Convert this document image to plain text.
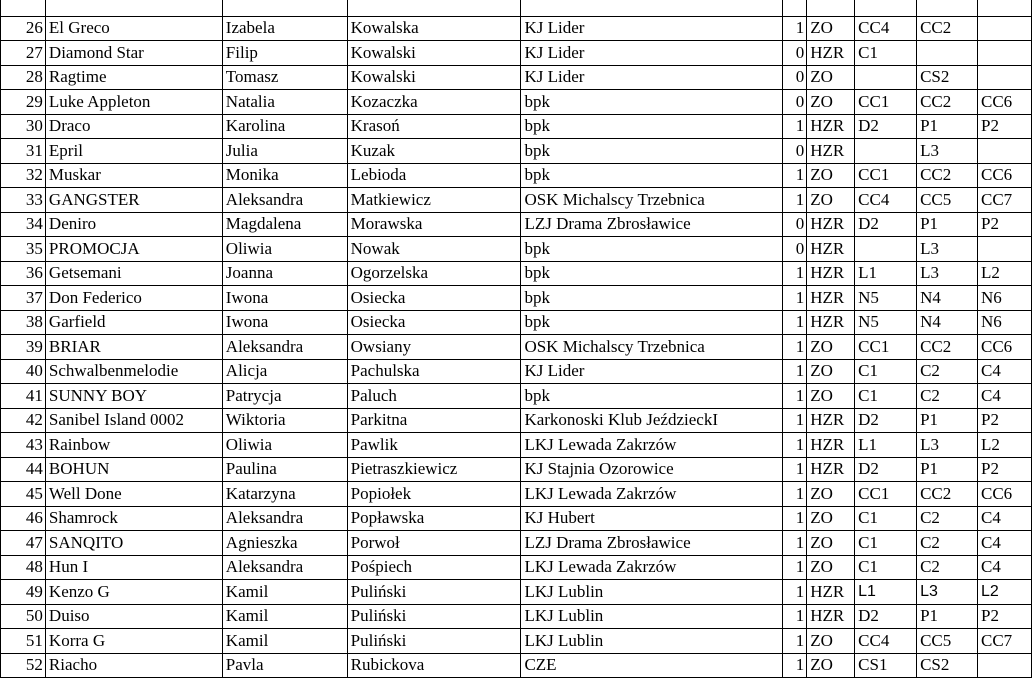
26	El Greco	Izabela	Kowalska	KJ Lider	1	ZO	CC4	CC2	
27	Diamond Star	Filip	Kowalski	KJ Lider	0	HZR	C1		
28	Ragtime	Tomasz	Kowalski	KJ Lider	0	ZO		CS2	
29	Luke Appleton	Natalia	Kozaczka	bpk	0	ZO	CC1	CC2	CC6
30	Draco	Karolina	Krasoń	bpk	1	HZR	D2	P1	P2
31	Epril	Julia	Kuzak	bpk	0	HZR		L3	
32	Muskar	Monika	Lebioda	bpk	1	ZO	CC1	CC2	CC6
33	GANGSTER	Aleksandra	Matkiewicz	OSK Michalscy Trzebnica	1	ZO	CC4	CC5	CC7
34	Deniro	Magdalena	Morawska	LZJ Drama Zbrosławice	0	HZR	D2	P1	P2
35	PROMOCJA	Oliwia	Nowak	bpk	0	HZR		L3	
36	Getsemani	Joanna	Ogorzelska	bpk	1	HZR	L1	L3	L2
37	Don Federico	Iwona	Osiecka	bpk	1	HZR	N5	N4	N6
38	Garfield	Iwona	Osiecka	bpk	1	HZR	N5	N4	N6
39	BRIAR	Aleksandra	Owsiany	OSK Michalscy Trzebnica	1	ZO	CC1	CC2	CC6
40	Schwalbenmelodie	Alicja	Pachulska	KJ Lider	1	ZO	C1	C2	C4
41	SUNNY BOY	Patrycja	Paluch	bpk	1	ZO	C1	C2	C4
42	Sanibel Island 0002	Wiktoria	Parkitna	Karkonoski Klub JeździeckI	1	HZR	D2	P1	P2
43	Rainbow	Oliwia	Pawlik	LKJ Lewada Zakrzów	1	HZR	L1	L3	L2
44	BOHUN	Paulina	Pietraszkiewicz	KJ Stajnia Ozorowice	1	HZR	D2	P1	P2
45	Well Done	Katarzyna	Popiołek	LKJ Lewada Zakrzów	1	ZO	CC1	CC2	CC6
46	Shamrock	Aleksandra	Popławska	KJ Hubert	1	ZO	C1	C2	C4
47	SANQITO	Agnieszka	Porwoł	LZJ Drama Zbrosławice	1	ZO	C1	C2	C4
48	Hun I	Aleksandra	Pośpiech	LKJ Lewada Zakrzów	1	ZO	C1	C2	C4
49	Kenzo G	Kamil	Puliński	LKJ Lublin	1	HZR	L1	L3	L2
50	Duiso	Kamil	Puliński	LKJ Lublin	1	HZR	D2	P1	P2
51	Korra G	Kamil	Puliński	LKJ Lublin	1	ZO	CC4	CC5	CC7
52	Riacho	Pavla	Rubickova	CZE	1	ZO	CS1	CS2	
